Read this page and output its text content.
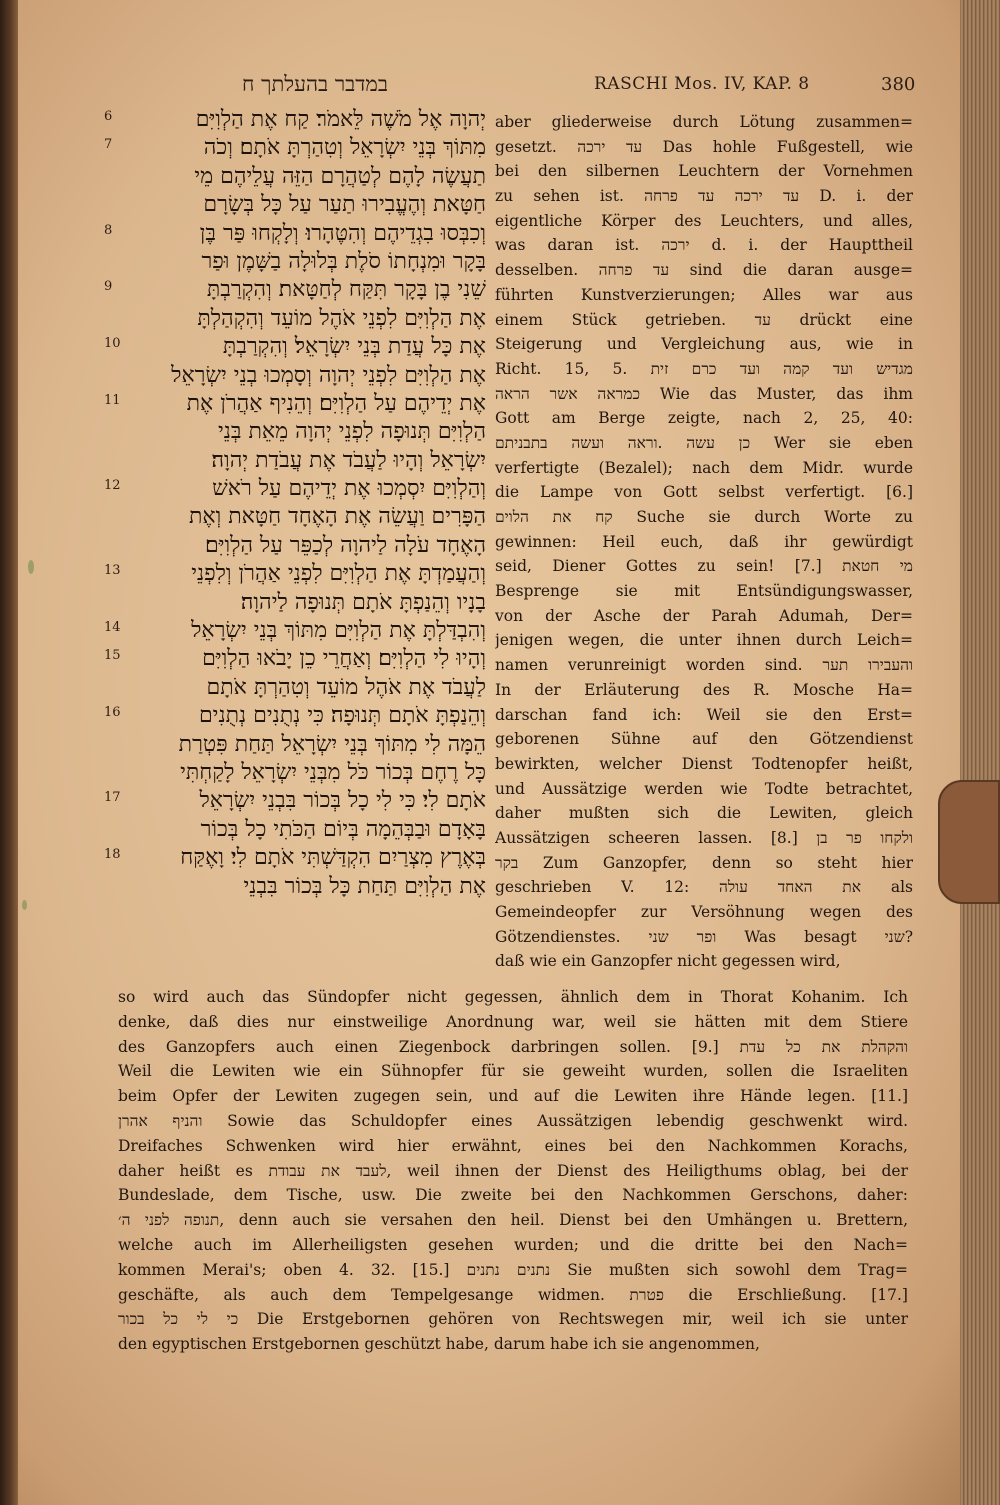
במדבר בהעלתך ח	RASCHI Mos. IV, KAP. 8	380
6	יְהוָה אֶל מֹשֶׁה לֵּאמֹר׃ קַח אֶת הַלְוִיִּם
7	מִתּוֹךְ בְּנֵי יִשְׂרָאֵל וְטִהַרְתָּ אֹתָם׃ וְכֹה
תַעֲשֶׂה לָהֶם לְטַהֲרָם הַזֵּה עֲלֵיהֶם מֵי
חַטָּאת וְהֶעֱבִירוּ תַעַר עַל כָּל בְּשָׂרָם
8	וְכִבְּסוּ בִגְדֵיהֶם וְהִטֶּהָרוּ׃ וְלָקְחוּ פַּר בֶּן
בָּקָר וּמִנְחָתוֹ סֹלֶת בְּלוּלָה בַשָּׁמֶן וּפַר
9	שֵׁנִי בֶן בָּקָר תִּקַּח לְחַטָּאת׃ וְהִקְרַבְתָּ
אֶת הַלְוִיִּם לִפְנֵי אֹהֶל מוֹעֵד וְהִקְהַלְתָּ
10	אֶת כָּל עֲדַת בְּנֵי יִשְׂרָאֵל׃ וְהִקְרַבְתָּ
אֶת הַלְוִיִּם לִפְנֵי יְהוָה וְסָמְכוּ בְנֵי יִשְׂרָאֵל
11	אֶת יְדֵיהֶם עַל הַלְוִיִּם׃ וְהֵנִיף אַהֲרֹן אֶת
הַלְוִיִּם תְּנוּפָה לִפְנֵי יְהוָה מֵאֵת בְּנֵי
יִשְׂרָאֵל וְהָיוּ לַעֲבֹד אֶת עֲבֹדַת יְהוָה׃
12	וְהַלְוִיִּם יִסְמְכוּ אֶת יְדֵיהֶם עַל רֹאשׁ
הַפָּרִים וַעֲשֵׂה אֶת הָאֶחָד חַטָּאת וְאֶת
הָאֶחָד עֹלָה לַיהוָה לְכַפֵּר עַל הַלְוִיִּם׃
13	וְהַעֲמַדְתָּ אֶת הַלְוִיִּם לִפְנֵי אַהֲרֹן וְלִפְנֵי
בָנָיו וְהֵנַפְתָּ אֹתָם תְּנוּפָה לַיהוָה׃
14	וְהִבְדַּלְתָּ אֶת הַלְוִיִּם מִתּוֹךְ בְּנֵי יִשְׂרָאֵל
15	וְהָיוּ לִי הַלְוִיִּם׃ וְאַחֲרֵי כֵן יָבֹאוּ הַלְוִיִּם
לַעֲבֹד אֶת אֹהֶל מוֹעֵד וְטִהַרְתָּ אֹתָם
16	וְהֵנַפְתָּ אֹתָם תְּנוּפָה׃ כִּי נְתֻנִים נְתֻנִים
הֵמָּה לִי מִתּוֹךְ בְּנֵי יִשְׂרָאֵל תַּחַת פִּטְרַת
כָּל רֶחֶם בְּכוֹר כֹּל מִבְּנֵי יִשְׂרָאֵל לָקַחְתִּי
17	אֹתָם לִי׃ כִּי לִי כָל בְּכוֹר בִּבְנֵי יִשְׂרָאֵל
בָּאָדָם וּבַבְּהֵמָה בְּיוֹם הַכֹּתִי כָל בְּכוֹר
18	בְּאֶרֶץ מִצְרַיִם הִקְדַּשְׁתִּי אֹתָם לִי׃ וָאֶקַּח
אֶת הַלְוִיִּם תַּחַת כָּל בְּכוֹר בִּבְנֵי
aber gliederweise durch Lötung zusammen=
gesetzt. עד ירכה Das hohle Fußgestell, wie
bei den silbernen Leuchtern der Vornehmen
zu sehen ist. עד ירכה עד פרחה D. i. der
eigentliche Körper des Leuchters, und alles,
was daran ist. ירכה d. i. der Haupttheil
desselben. עד פרחה sind die daran ausge=
führten Kunstverzierungen; Alles war aus
einem Stück getrieben. עד drückt eine
Steigerung und Vergleichung aus, wie in
Richt. 15, 5. מגדיש ועד קמה ועד כרם זית
כמראה אשר הראה Wie das Muster, das ihm
Gott am Berge zeigte, nach 2, 25, 40:
כן עשה .וראה ועשה בתבניתם Wer sie eben
verfertigte (Bezalel); nach dem Midr. wurde
die Lampe von Gott selbst verfertigt. [6.]
קח את הלוים Suche sie durch Worte zu
gewinnen: Heil euch, daß ihr gewürdigt
seid, Diener Gottes zu sein! [7.] מי חטאת
Besprenge sie mit Entsündigungswasser,
von der Asche der Parah Adumah, Der=
jenigen wegen, die unter ihnen durch Leich=
namen verunreinigt worden sind. והעבירו תער
In der Erläuterung des R. Mosche Ha=
darschan fand ich: Weil sie den Erst=
geborenen Sühne auf den Götzendienst
bewirkten, welcher Dienst Todtenopfer heißt,
und Aussätzige werden wie Todte betrachtet,
daher mußten sich die Lewiten, gleich
Aussätzigen scheeren lassen. [8.] ולקחו פר בן
בקר Zum Ganzopfer, denn so steht hier
geschrieben V. 12: את האחד עולה als
Gemeindeopfer zur Versöhnung wegen des
Götzendienstes. ופר שני Was besagt שני?
daß wie ein Ganzopfer nicht gegessen wird,
so wird auch das Sündopfer nicht gegessen, ähnlich dem in Thorat Kohanim. Ich
denke, daß dies nur einstweilige Anordnung war, weil sie hätten mit dem Stiere
des Ganzopfers auch einen Ziegenbock darbringen sollen. [9.] והקהלת את כל עדת
Weil die Lewiten wie ein Sühnopfer für sie geweiht wurden, sollen die Israeliten
beim Opfer der Lewiten zugegen sein, und auf die Lewiten ihre Hände legen. [11.]
והניף אהרן Sowie das Schuldopfer eines Aussätzigen lebendig geschwenkt wird.
Dreifaches Schwenken wird hier erwähnt, eines bei den Nachkommen Korachs,
daher heißt es לעבד את עבודת, weil ihnen der Dienst des Heiligthums oblag, bei der
Bundeslade, dem Tische, usw. Die zweite bei den Nachkommen Gerschons, daher:
תנופה לפני ה׳, denn auch sie versahen den heil. Dienst bei den Umhängen u. Brettern,
welche auch im Allerheiligsten gesehen wurden; und die dritte bei den Nach=
kommen Merai's; oben 4. 32. [15.] נתנים נתנים Sie mußten sich sowohl dem Trag=
geschäfte, als auch dem Tempelgesange widmen. פטרת die Erschließung. [17.]
כי לי כל בכור Die Erstgebornen gehören von Rechtswegen mir, weil ich sie unter
den egyptischen Erstgebornen geschützt habe, darum habe ich sie angenommen,
